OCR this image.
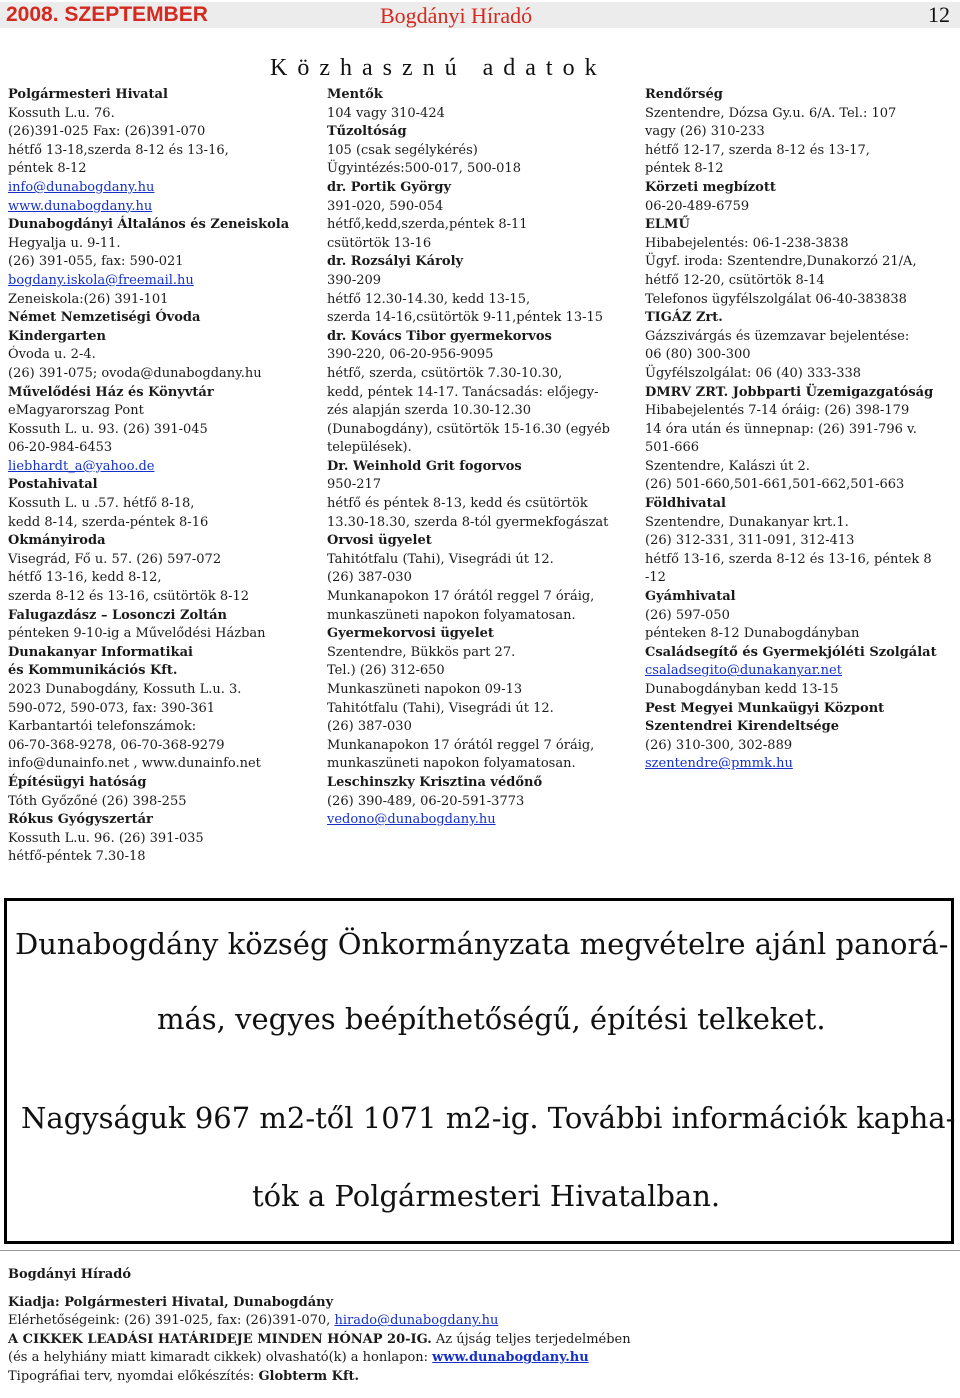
2008. SZEPTEMBER	Bogdányi Híradó	12
Közhasznú adatok
Polgármesteri Hivatal
Kossuth L.u. 76.
(26)391-025 Fax: (26)391-070
hétfő 13-18,szerda 8-12 és 13-16,
péntek 8-12
info@dunabogdany.hu
www.dunabogdany.hu
Dunabogdányi Általános és Zeneiskola
Hegyalja u. 9-11.
(26) 391-055, fax: 590-021
bogdany.iskola@freemail.hu
Zeneiskola:(26) 391-101
Német Nemzetiségi Óvoda
Kindergarten
Óvoda u. 2-4.
(26) 391-075; ovoda@dunabogdany.hu
Művelődési Ház és Könyvtár
eMagyarorszag Pont
Kossuth L. u. 93. (26) 391-045
06-20-984-6453
liebhardt_a@yahoo.de
Postahivatal
Kossuth L. u .57. hétfő 8-18,
kedd 8-14, szerda-péntek 8-16
Okmányiroda
Visegrád, Fő u. 57. (26) 597-072
hétfő 13-16, kedd 8-12,
szerda 8-12 és 13-16, csütörtök 8-12
Falugazdász – Losonczi Zoltán
pénteken 9-10-ig a Művelődési Házban
Dunakanyar Informatikai
és Kommunikációs Kft.
2023 Dunabogdány, Kossuth L.u. 3.
590-072, 590-073, fax: 390-361
Karbantartói telefonszámok:
06-70-368-9278, 06-70-368-9279
info@dunainfo.net , www.dunainfo.net
Építésügyi hatóság
Tóth Győzőné (26) 398-255
Rókus Gyógyszertár
Kossuth L.u. 96. (26) 391-035
hétfő-péntek 7.30-18
Mentők
104 vagy 310-424
Tűzoltóság
105 (csak segélykérés)
Ügyintézés:500-017, 500-018
dr. Portik György
391-020, 590-054
hétfő,kedd,szerda,péntek 8-11
csütörtök 13-16
dr. Rozsályi Károly
390-209
hétfő 12.30-14.30, kedd 13-15,
szerda 14-16,csütörtök 9-11,péntek 13-15
dr. Kovács Tibor gyermekorvos
390-220, 06-20-956-9095
hétfő, szerda, csütörtök 7.30-10.30,
kedd, péntek 14-17. Tanácsadás: előjegy-
zés alapján szerda 10.30-12.30
(Dunabogdány), csütörtök 15-16.30 (egyéb
települések).
Dr. Weinhold Grit fogorvos
950-217
hétfő és péntek 8-13, kedd és csütörtök
13.30-18.30, szerda 8-tól gyermekfogászat
Orvosi ügyelet
Tahitótfalu (Tahi), Visegrádi út 12.
(26) 387-030
Munkanapokon 17 órától reggel 7 óráig,
munkaszüneti napokon folyamatosan.
Gyermekorvosi ügyelet
Szentendre, Bükkös part 27.
Tel.) (26) 312-650
Munkaszüneti napokon 09-13
Tahitótfalu (Tahi), Visegrádi út 12.
(26) 387-030
Munkanapokon 17 órától reggel 7 óráig,
munkaszüneti napokon folyamatosan.
Leschinszky Krisztina védőnő
(26) 390-489, 06-20-591-3773
vedono@dunabogdany.hu
Rendőrség
Szentendre, Dózsa Gy.u. 6/A. Tel.: 107
vagy (26) 310-233
hétfő 12-17, szerda 8-12 és 13-17,
péntek 8-12
Körzeti megbízott
06-20-489-6759
ELMŰ
Hibabejelentés: 06-1-238-3838
Ügyf. iroda: Szentendre,Dunakorzó 21/A,
hétfő 12-20, csütörtök 8-14
Telefonos ügyfélszolgálat 06-40-383838
TIGÁZ Zrt.
Gázszivárgás és üzemzavar bejelentése:
06 (80) 300-300
Ügyfélszolgálat: 06 (40) 333-338
DMRV ZRT. Jobbparti Üzemigazgatóság
Hibabejelentés 7-14 óráig: (26) 398-179
14 óra után és ünnepnap: (26) 391-796 v.
501-666
Szentendre, Kalászi út 2.
(26) 501-660,501-661,501-662,501-663
Földhivatal
Szentendre, Dunakanyar krt.1.
(26) 312-331, 311-091, 312-413
hétfő 13-16, szerda 8-12 és 13-16, péntek 8
-12
Gyámhivatal
(26) 597-050
pénteken 8-12 Dunabogdányban
Családsegítő és Gyermekjóléti Szolgálat
csaladsegito@dunakanyar.net
Dunabogdányban kedd 13-15
Pest Megyei Munkaügyi Központ
Szentendrei Kirendeltsége
(26) 310-300, 302-889
szentendre@pmmk.hu
Dunabogdány község Önkormányzata megvételre ajánl panorá-
más, vegyes beépíthetőségű, építési telkeket.
Nagyságuk 967 m2-től 1071 m2-ig. További információk kapha-
tók a Polgármesteri Hivatalban.
Bogdányi Híradó
Kiadja: Polgármesteri Hivatal, Dunabogdány
Elérhetőségeink: (26) 391-025, fax: (26)391-070, hirado@dunabogdany.hu
A CIKKEK LEADÁSI HATÁRIDEJE MINDEN HÓNAP 20-IG. Az újság teljes terjedelmében
(és a helyhiány miatt kimaradt cikkek) olvasható(k) a honlapon: www.dunabogdany.hu
Tipográfiai terv, nyomdai előkészítés: Globterm Kft.
